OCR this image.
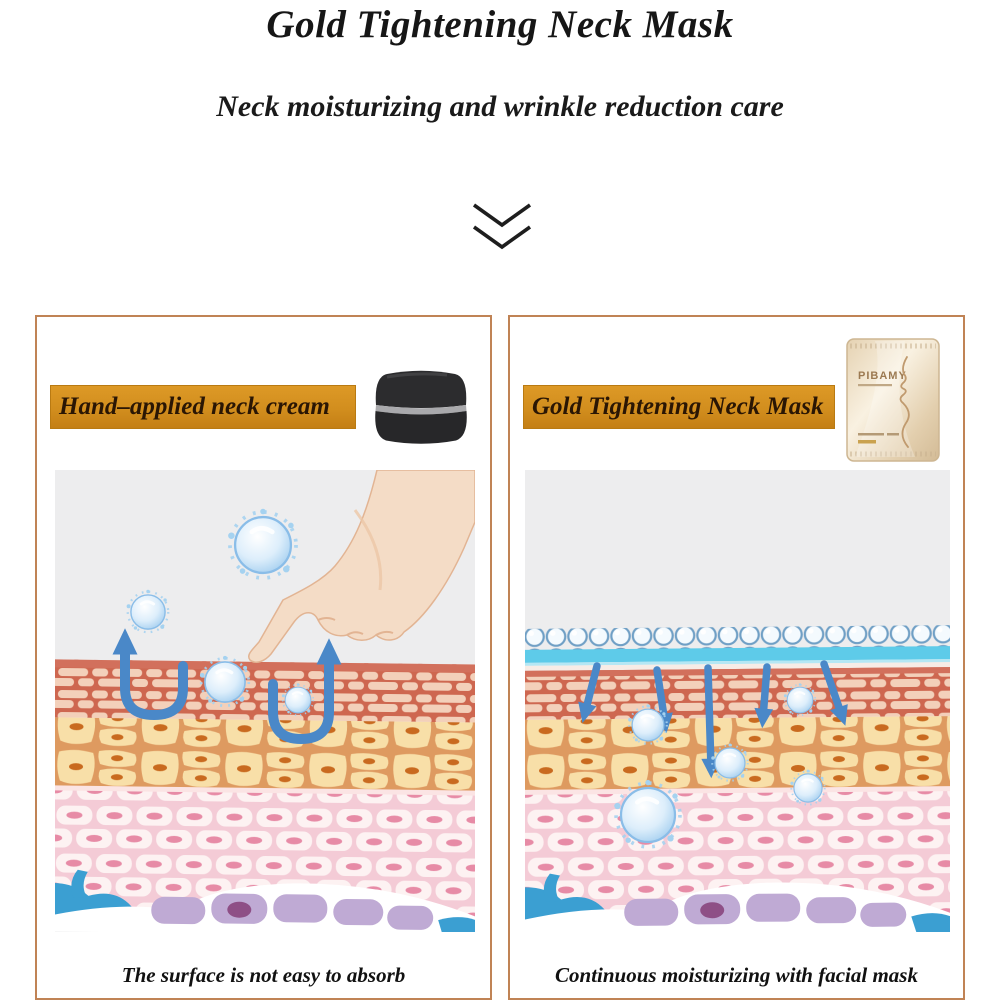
Gold Tightening Neck Mask
Neck moisturizing and wrinkle reduction care
Hand–applied neck cream

The surface is not easy to absorb

Gold Tightening Neck Mask
PIBAMY

Continuous moisturizing with facial mask
